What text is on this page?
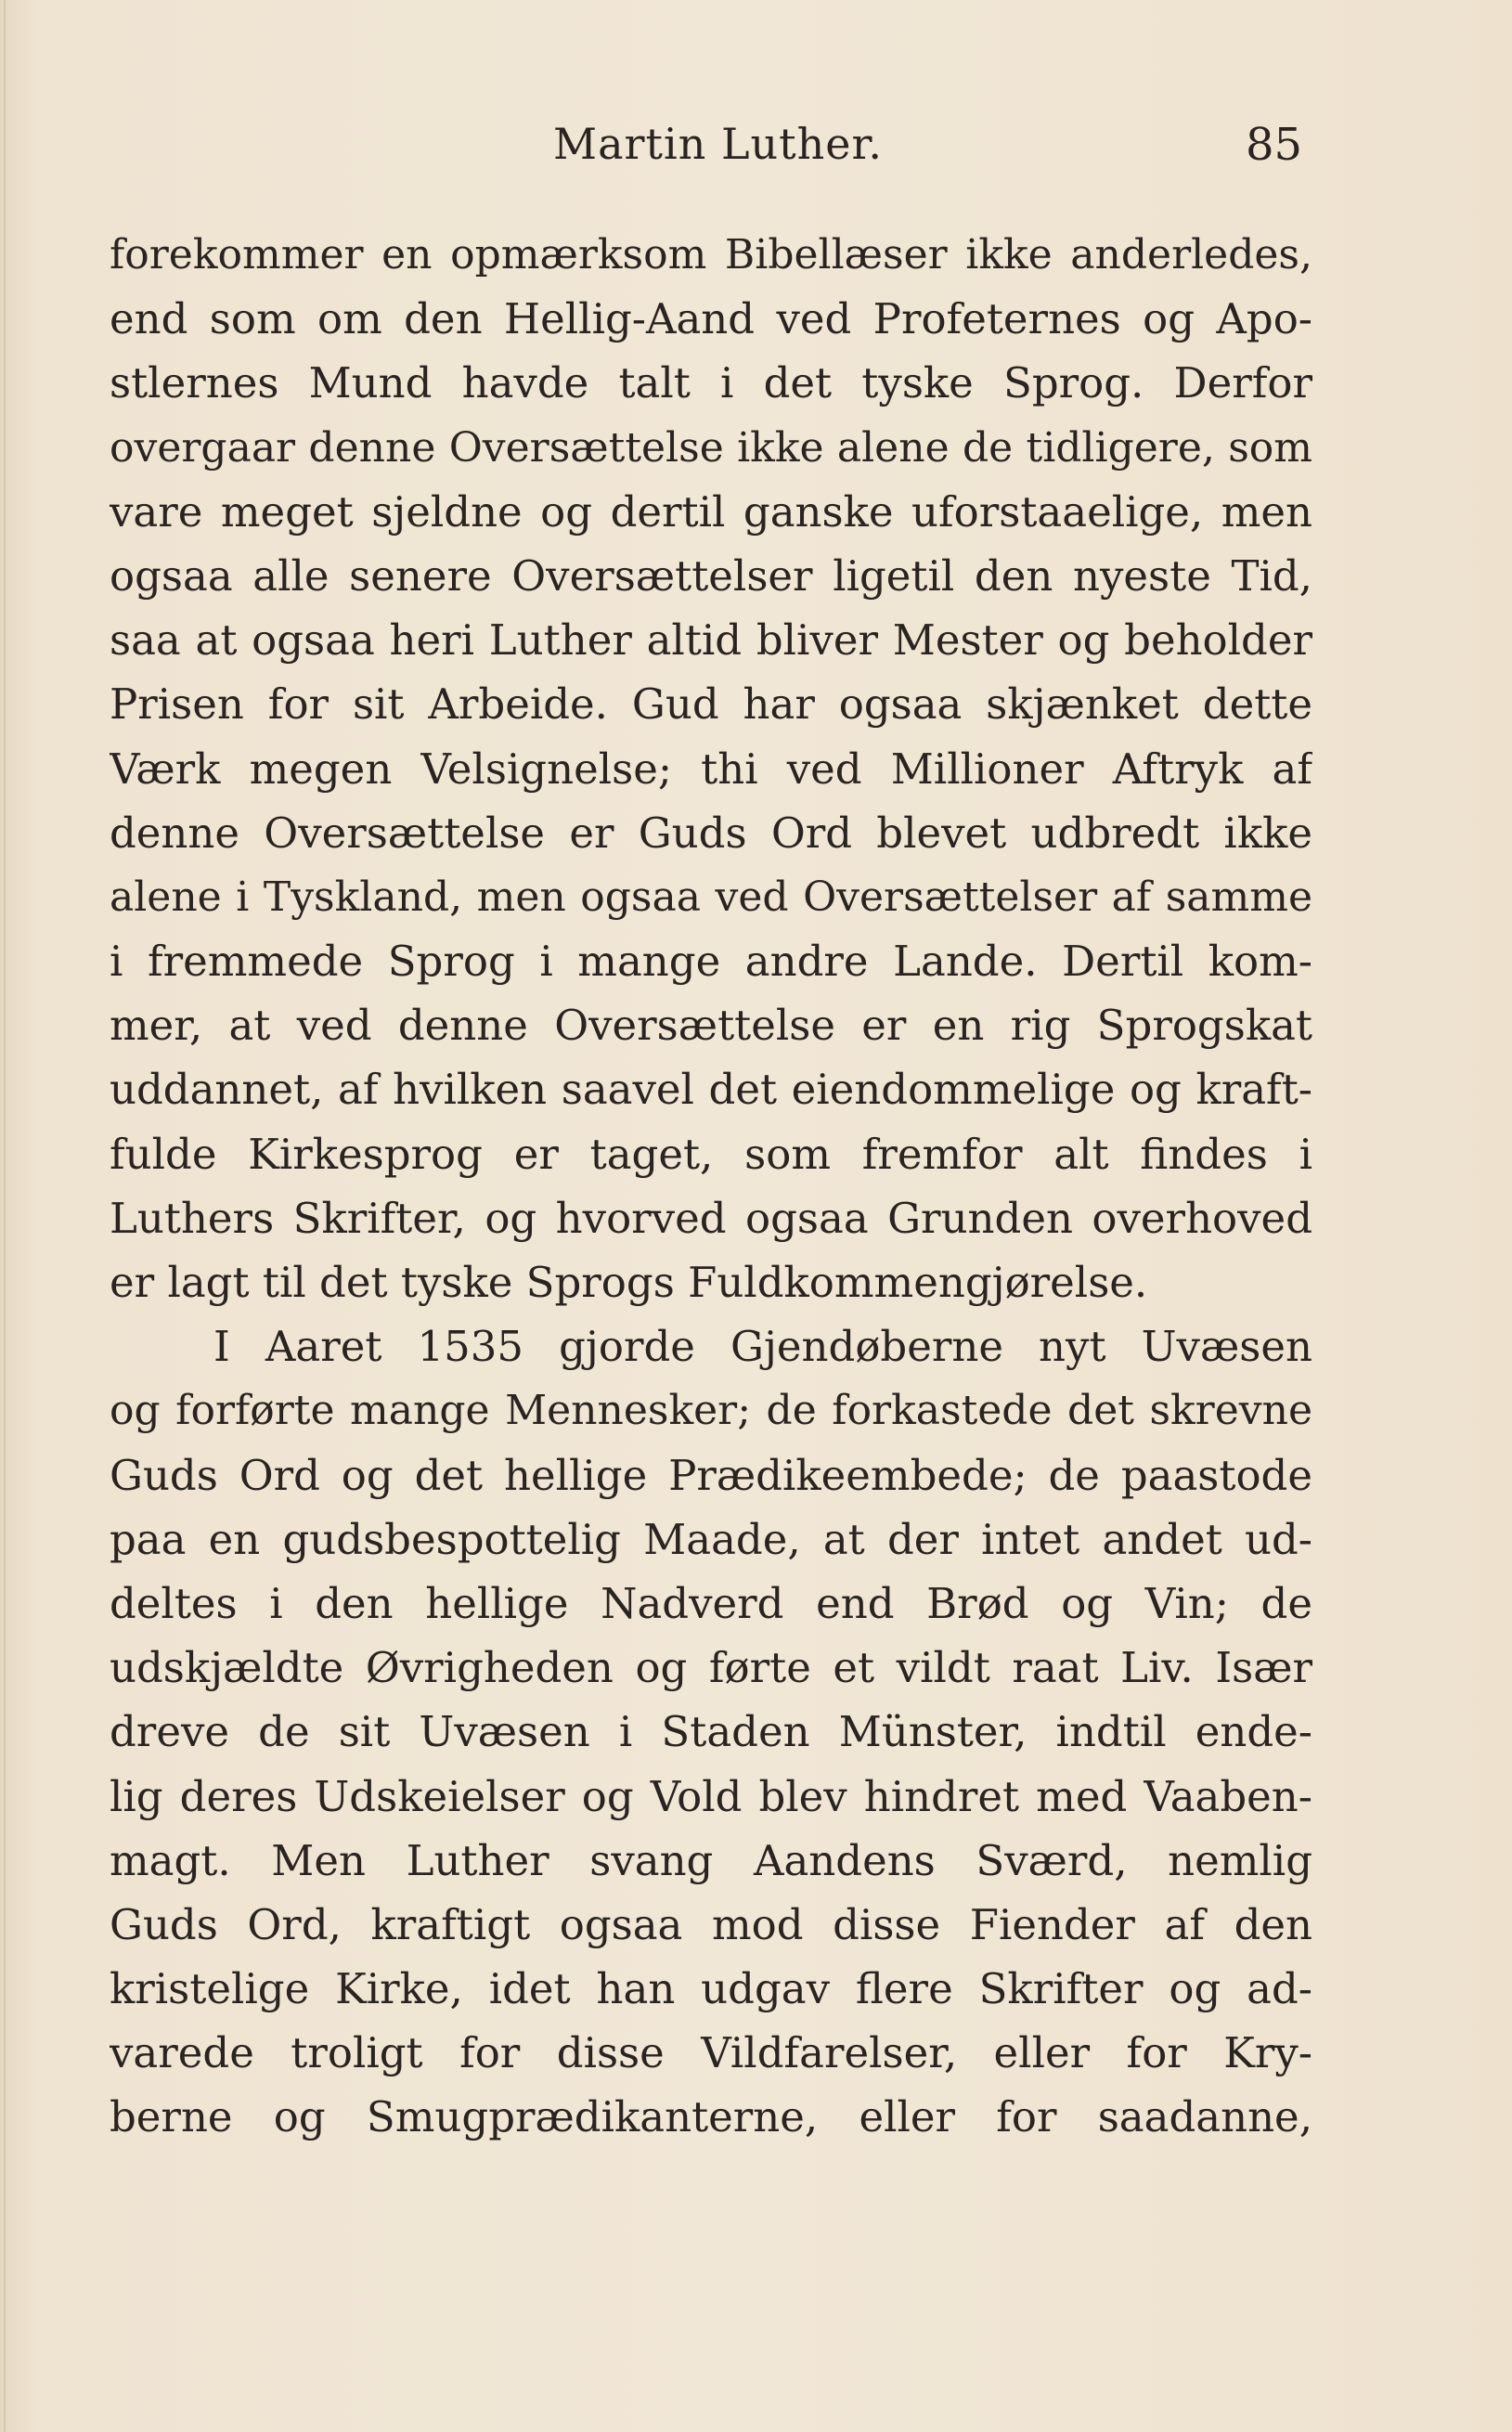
Martin Luther.	85
forekommer en opmærksom Bibellæser ikke anderledes,
end som om den Hellig-Aand ved Profeternes og Apo-
stlernes Mund havde talt i det tyske Sprog. Derfor
overgaar denne Oversættelse ikke alene de tidligere, som
vare meget sjeldne og dertil ganske uforstaaelige, men
ogsaa alle senere Oversættelser ligetil den nyeste Tid,
saa at ogsaa heri Luther altid bliver Mester og beholder
Prisen for sit Arbeide. Gud har ogsaa skjænket dette
Værk megen Velsignelse; thi ved Millioner Aftryk af
denne Oversættelse er Guds Ord blevet udbredt ikke
alene i Tyskland, men ogsaa ved Oversættelser af samme
i fremmede Sprog i mange andre Lande. Dertil kom-
mer, at ved denne Oversættelse er en rig Sprogskat
uddannet, af hvilken saavel det eiendommelige og kraft-
fulde Kirkesprog er taget, som fremfor alt findes i
Luthers Skrifter, og hvorved ogsaa Grunden overhoved
er lagt til det tyske Sprogs Fuldkommengjørelse.
I Aaret 1535 gjorde Gjendøberne nyt Uvæsen
og forførte mange Mennesker; de forkastede det skrevne
Guds Ord og det hellige Prædikeembede; de paastode
paa en gudsbespottelig Maade, at der intet andet ud-
deltes i den hellige Nadverd end Brød og Vin; de
udskjældte Øvrigheden og førte et vildt raat Liv. Især
dreve de sit Uvæsen i Staden Münster, indtil ende-
lig deres Udskeielser og Vold blev hindret med Vaaben-
magt. Men Luther svang Aandens Sværd, nemlig
Guds Ord, kraftigt ogsaa mod disse Fiender af den
kristelige Kirke, idet han udgav flere Skrifter og ad-
varede troligt for disse Vildfarelser, eller for Kry-
berne og Smugprædikanterne, eller for saadanne,
